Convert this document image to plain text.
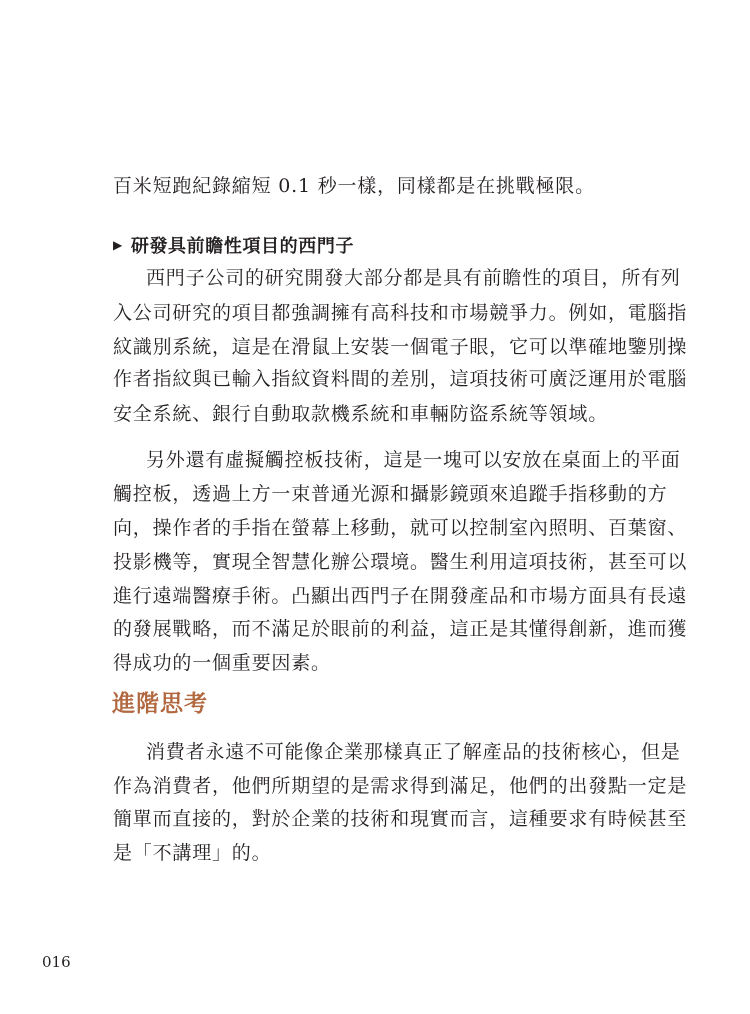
百米短跑紀錄縮短 0.1 秒一樣，同樣都是在挑戰極限。
▶ 研發具前瞻性項目的西門子
西門子公司的研究開發大部分都是具有前瞻性的項目，所有列
入公司研究的項目都強調擁有高科技和市場競爭力。例如，電腦指
紋識別系統，這是在滑鼠上安裝一個電子眼，它可以準確地鑒別操
作者指紋與已輸入指紋資料間的差別，這項技術可廣泛運用於電腦
安全系統、銀行自動取款機系統和車輛防盜系統等領域。
另外還有虛擬觸控板技術，這是一塊可以安放在桌面上的平面
觸控板，透過上方一束普通光源和攝影鏡頭來追蹤手指移動的方
向，操作者的手指在螢幕上移動，就可以控制室內照明、百葉窗、
投影機等，實現全智慧化辦公環境。醫生利用這項技術，甚至可以
進行遠端醫療手術。凸顯出西門子在開發產品和市場方面具有長遠
的發展戰略，而不滿足於眼前的利益，這正是其懂得創新，進而獲
得成功的一個重要因素。
進階思考
消費者永遠不可能像企業那樣真正了解產品的技術核心，但是
作為消費者，他們所期望的是需求得到滿足，他們的出發點一定是
簡單而直接的，對於企業的技術和現實而言，這種要求有時候甚至
是「不講理」的。
016
